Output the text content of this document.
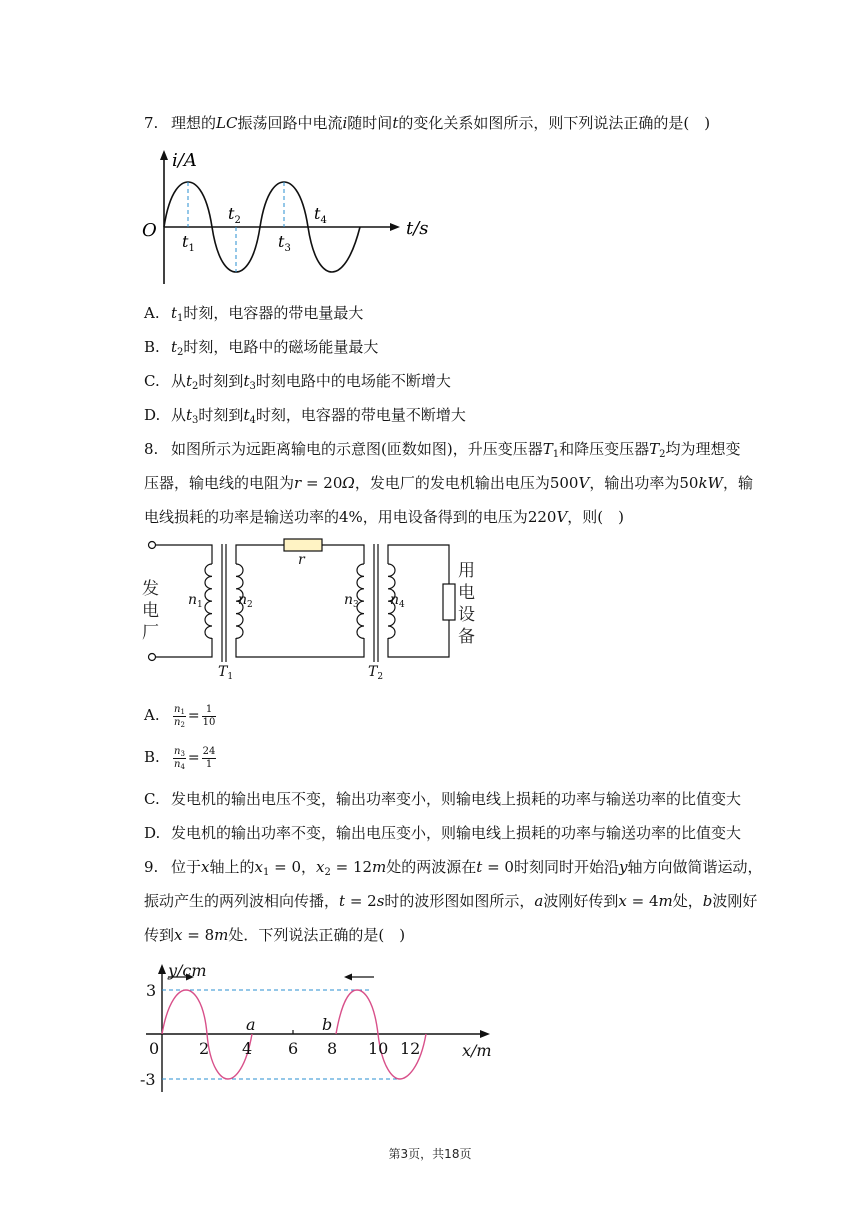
7. 理想的LC振荡回路中电流i随时间t的变化关系如图所示，则下列说法正确的是(　)
i/A
t/s
O
$t_1$
$t_2$
$t_3$
$t_4$
A. $t_1$时刻，电容器的带电量最大
B. $t_2$时刻，电路中的磁场能量最大
C. 从$t_2$时刻到$t_3$时刻电路中的电场能不断增大
D. 从$t_3$时刻到$t_4$时刻，电容器的带电量不断增大
8. 如图所示为远距离输电的示意图(匝数如图)，升压变压器$T_1$和降压变压器$T_2$均为理想变
压器，输电线的电阻为r = 20Ω，发电厂的发电机输出电压为500V，输出功率为50kW，输
电线损耗的功率是输送功率的4%，用电设备得到的电压为220V，则(　)
发
电
厂
用
电
设
备
r
$n_1$	$n_2$	$n_3$ $n_4$
$T_1$	$T_2$
A. $\frac{n_1}{n_2} = \frac{1}{10}$
B. $\frac{n_3}{n_4} = \frac{24}{1}$
C. 发电机的输出电压不变，输出功率变小，则输电线上损耗的功率与输送功率的比值变大
D. 发电机的输出功率不变，输出电压变小，则输电线上损耗的功率与输送功率的比值变大
9. 位于x轴上的$x_1 = 0$，$x_2 = 12m$处的两波源在t = 0时刻同时开始沿y轴方向做简谐运动，
振动产生的两列波相向传播，t = 2s时的波形图如图所示，a波刚好传到x = 4m处，b波刚好
传到x = 8m处．下列说法正确的是(　)
y/cm
x/m
3
-3
0 2 4 6 8 10 12
a	b
第3页，共18页
